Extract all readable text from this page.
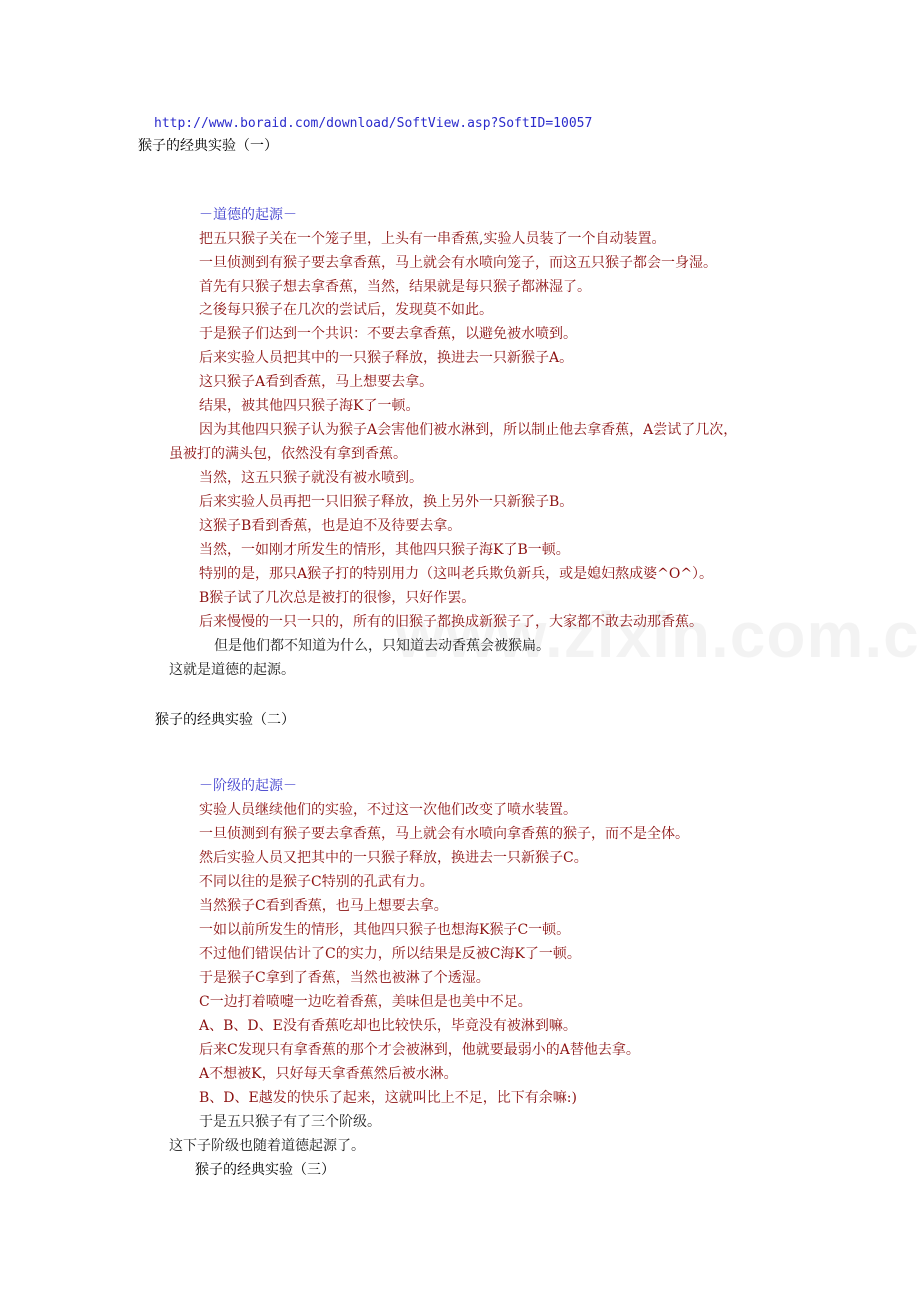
http://www.boraid.com/download/SoftView.asp?SoftID=10057
猴子的经典实验（一）
－道德的起源－
把五只猴子关在一个笼子里，上头有一串香蕉,实验人员装了一个自动装置。
一旦侦测到有猴子要去拿香蕉，马上就会有水喷向笼子，而这五只猴子都会一身湿。
首先有只猴子想去拿香蕉，当然，结果就是每只猴子都淋湿了。
之後每只猴子在几次的尝试后，发现莫不如此。
于是猴子们达到一个共识：不要去拿香蕉，以避免被水喷到。
后来实验人员把其中的一只猴子释放，换进去一只新猴子A。
这只猴子A看到香蕉，马上想要去拿。
结果，被其他四只猴子海K了一顿。
因为其他四只猴子认为猴子A会害他们被水淋到，所以制止他去拿香蕉，A尝试了几次，
虽被打的满头包，依然没有拿到香蕉。
当然，这五只猴子就没有被水喷到。
后来实验人员再把一只旧猴子释放，换上另外一只新猴子B。
这猴子B看到香蕉，也是迫不及待要去拿。
当然，一如刚才所发生的情形，其他四只猴子海K了B一顿。
特别的是，那只A猴子打的特别用力（这叫老兵欺负新兵，或是媳妇熬成婆^O^）。
B猴子试了几次总是被打的很惨，只好作罢。
后来慢慢的一只一只的，所有的旧猴子都换成新猴子了，大家都不敢去动那香蕉。
但是他们都不知道为什么，只知道去动香蕉会被猴扁。
这就是道德的起源。
猴子的经典实验（二）
－阶级的起源－
实验人员继续他们的实验，不过这一次他们改变了喷水装置。
一旦侦测到有猴子要去拿香蕉，马上就会有水喷向拿香蕉的猴子，而不是全体。
然后实验人员又把其中的一只猴子释放，换进去一只新猴子C。
不同以往的是猴子C特别的孔武有力。
当然猴子C看到香蕉，也马上想要去拿。
一如以前所发生的情形，其他四只猴子也想海K猴子C一顿。
不过他们错误估计了C的实力，所以结果是反被C海K了一顿。
于是猴子C拿到了香蕉，当然也被淋了个透湿。
C一边打着喷嚏一边吃着香蕉，美味但是也美中不足。
A、B、D、E没有香蕉吃却也比较快乐，毕竟没有被淋到嘛。
后来C发现只有拿香蕉的那个才会被淋到，他就要最弱小的A替他去拿。
A不想被K，只好每天拿香蕉然后被水淋。
B、D、E越发的快乐了起来，这就叫比上不足，比下有余嘛:)
于是五只猴子有了三个阶级。
这下子阶级也随着道德起源了。
猴子的经典实验（三）
